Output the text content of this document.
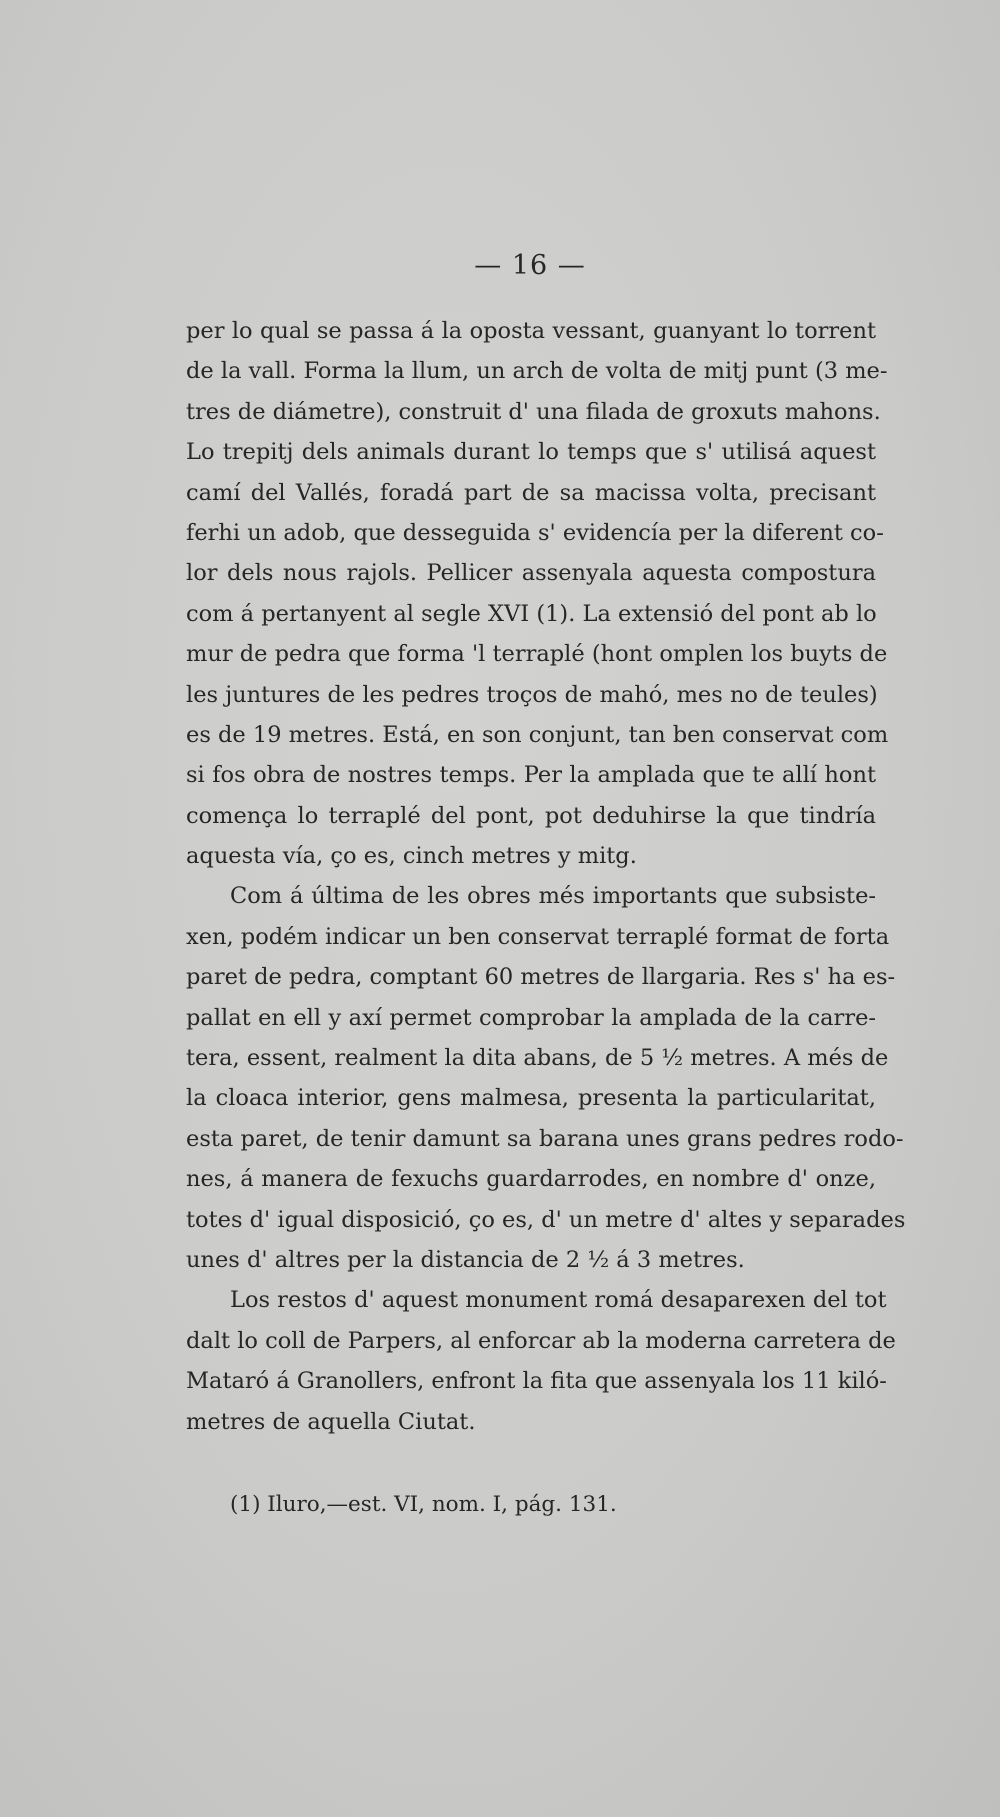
— 16 —
per lo qual se passa á la oposta vessant, guanyant lo torrent
de la vall. Forma la llum, un arch de volta de mitj punt (3 me-
tres de diámetre), construit d' una filada de groxuts mahons.
Lo trepitj dels animals durant lo temps que s' utilisá aquest
camí del Vallés, foradá part de sa macissa volta, precisant
ferhi un adob, que desseguida s' evidencía per la diferent co-
lor dels nous rajols. Pellicer assenyala aquesta compostura
com á pertanyent al segle XVI (1). La extensió del pont ab lo
mur de pedra que forma 'l terraplé (hont omplen los buyts de
les juntures de les pedres troços de mahó, mes no de teules)
es de 19 metres. Está, en son conjunt, tan ben conservat com
si fos obra de nostres temps. Per la amplada que te allí hont
comença lo terraplé del pont, pot deduhirse la que tindría
aquesta vía, ço es, cinch metres y mitg.
Com á última de les obres més importants que subsiste-
xen, podém indicar un ben conservat terraplé format de forta
paret de pedra, comptant 60 metres de llargaria. Res s' ha es-
pallat en ell y axí permet comprobar la amplada de la carre-
tera, essent, realment la dita abans, de 5 ½ metres. A més de
la cloaca interior, gens malmesa, presenta la particularitat,
esta paret, de tenir damunt sa barana unes grans pedres rodo-
nes, á manera de fexuchs guardarrodes, en nombre d' onze,
totes d' igual disposició, ço es, d' un metre d' altes y separades
unes d' altres per la distancia de 2 ½ á 3 metres.
Los restos d' aquest monument romá desaparexen del tot
dalt lo coll de Parpers, al enforcar ab la moderna carretera de
Mataró á Granollers, enfront la fita que assenyala los 11 kiló-
metres de aquella Ciutat.
(1) Iluro,—est. VI, nom. I, pág. 131.
